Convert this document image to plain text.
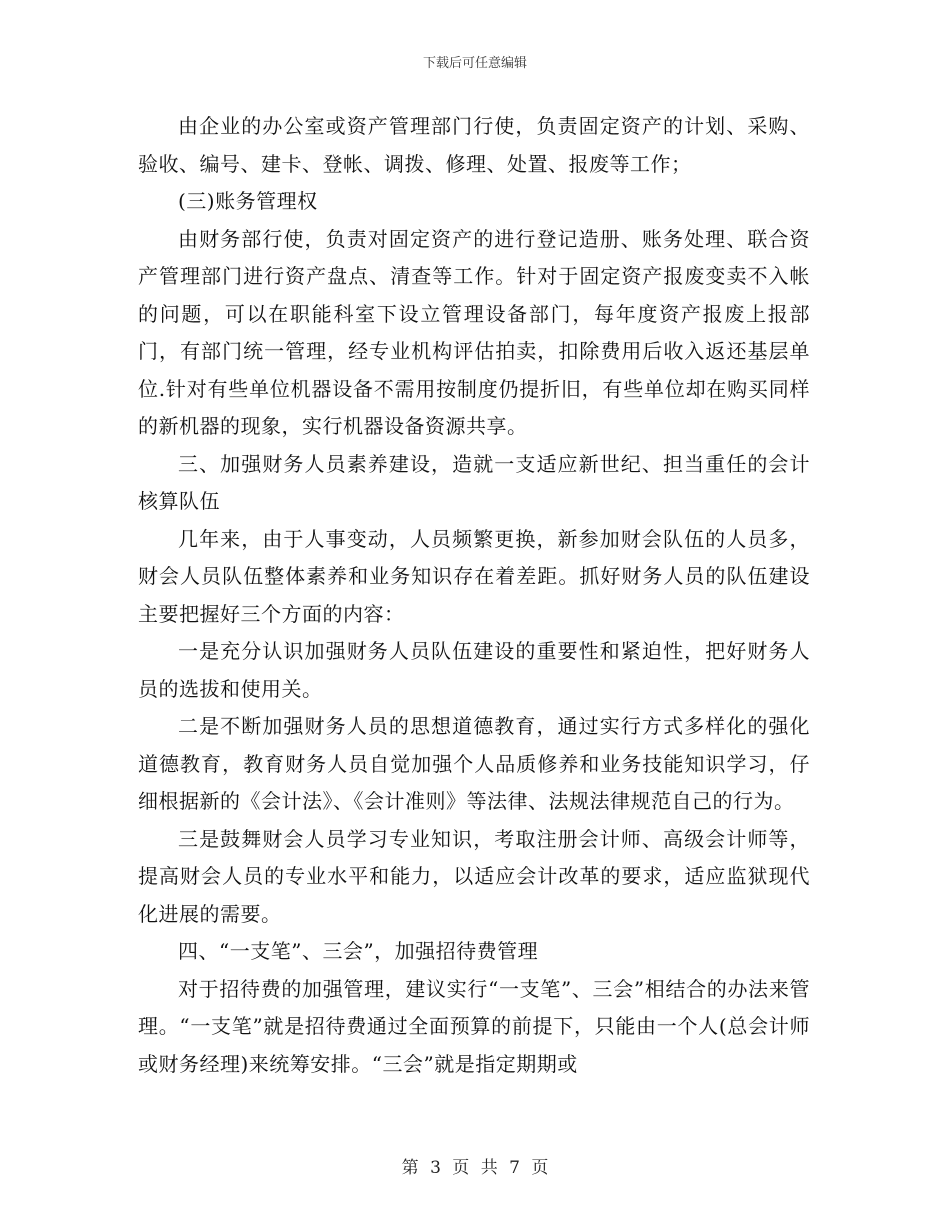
下载后可任意编辑

由企业的办公室或资产管理部门行使，负责固定资产的计划、采购、验收、编号、建卡、登帐、调拨、修理、处置、报废等工作；

(三)账务管理权

由财务部行使，负责对固定资产的进行登记造册、账务处理、联合资产管理部门进行资产盘点、清查等工作。针对于固定资产报废变卖不入帐的问题，可以在职能科室下设立管理设备部门，每年度资产报废上报部门，有部门统一管理，经专业机构评估拍卖，扣除费用后收入返还基层单位.针对有些单位机器设备不需用按制度仍提折旧，有些单位却在购买同样的新机器的现象，实行机器设备资源共享。

三、加强财务人员素养建设，造就一支适应新世纪、担当重任的会计核算队伍

几年来，由于人事变动，人员频繁更换，新参加财会队伍的人员多，财会人员队伍整体素养和业务知识存在着差距。抓好财务人员的队伍建设主要把握好三个方面的内容：

一是充分认识加强财务人员队伍建设的重要性和紧迫性，把好财务人员的选拔和使用关。

二是不断加强财务人员的思想道德教育，通过实行方式多样化的强化道德教育，教育财务人员自觉加强个人品质修养和业务技能知识学习，仔细根据新的《会计法》、《会计准则》等法律、法规法律规范自己的行为。

三是鼓舞财会人员学习专业知识，考取注册会计师、高级会计师等，提高财会人员的专业水平和能力，以适应会计改革的要求，适应监狱现代化进展的需要。

四、“一支笔”、三会”，加强招待费管理

对于招待费的加强管理，建议实行“一支笔”、三会”相结合的办法来管理。“一支笔”就是招待费通过全面预算的前提下，只能由一个人(总会计师或财务经理)来统筹安排。“三会”就是指定期期或

第 3 页 共 7 页
